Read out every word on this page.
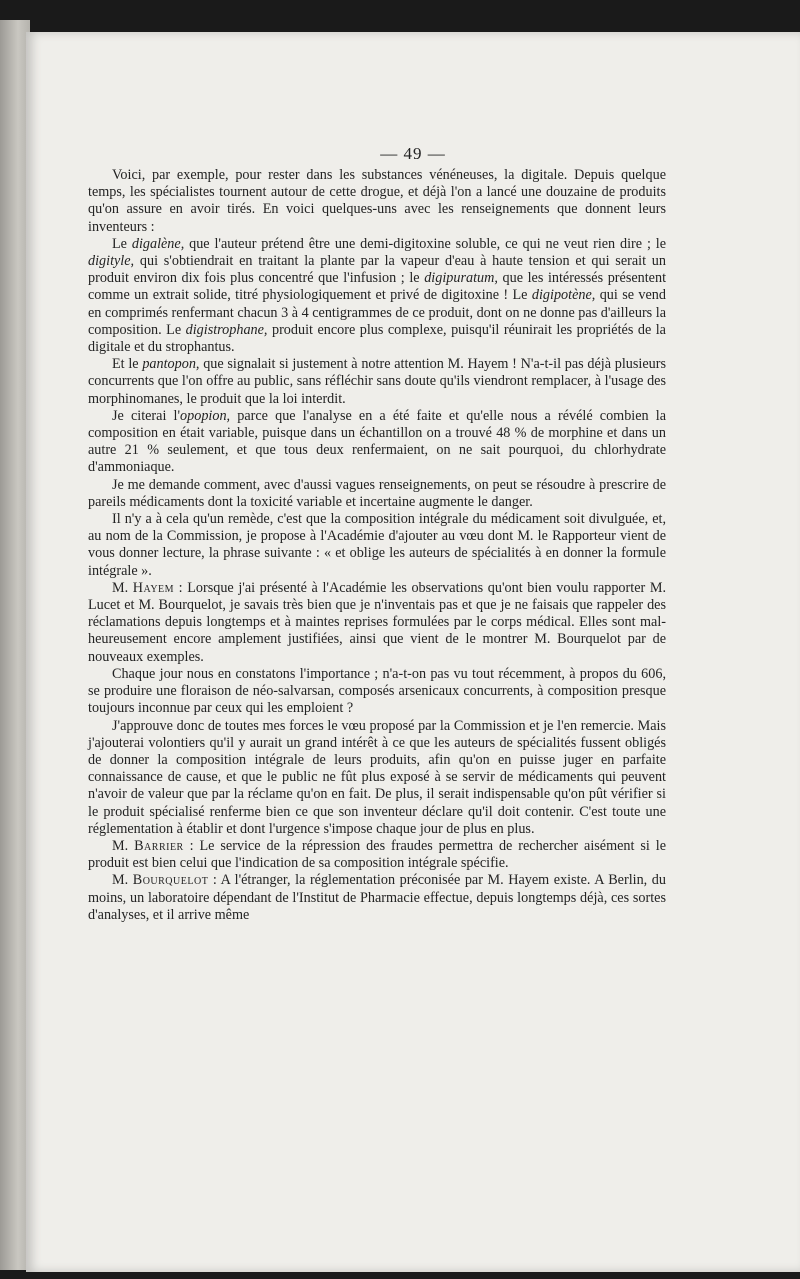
— 49 —

Voici, par exemple, pour rester dans les substances vénéneuses, la digitale. Depuis quelque temps, les spécialistes tournent autour de cette drogue, et déjà l'on a lancé une douzaine de produits qu'on assure en avoir tirés. En voici quelques-uns avec les renseignements que donnent leurs inventeurs :

Le digalène, que l'auteur prétend être une demi-digitoxine soluble, ce qui ne veut rien dire ; le digityle, qui s'obtiendrait en traitant la plante par la vapeur d'eau à haute tension et qui serait un produit environ dix fois plus concentré que l'infusion ; le digipuratum, que les intéressés présentent comme un extrait solide, titré physiologiquement et privé de digitoxine ! Le digipotène, qui se vend en comprimés renfermant chacun 3 à 4 centigrammes de ce produit, dont on ne donne pas d'ailleurs la composition. Le digistrophane, produit encore plus complexe, puisqu'il réunirait les propriétés de la digitale et du strophantus.

Et le pantopon, que signalait si justement à notre attention M. Hayem ! N'a-t-il pas déjà plusieurs concurrents que l'on offre au public, sans réfléchir sans doute qu'ils viendront remplacer, à l'usage des morphinomanes, le produit que la loi interdit.

Je citerai l'opopion, parce que l'analyse en a été faite et qu'elle nous a révélé combien la composition en était variable, puisque dans un échantillon on a trouvé 48 % de morphine et dans un autre 21 % seulement, et que tous deux renfermaient, on ne sait pourquoi, du chlorhydrate d'ammoniaque.

Je me demande comment, avec d'aussi vagues renseignements, on peut se résoudre à prescrire de pareils médicaments dont la toxicité variable et incertaine augmente le danger.

Il n'y a à cela qu'un remède, c'est que la composition intégrale du médicament soit divulguée, et, au nom de la Commission, je propose à l'Académie d'ajouter au vœu dont M. le Rapporteur vient de vous donner lecture, la phrase suivante : « et oblige les auteurs de spécialités à en donner la formule intégrale ».

M. Hayem : Lorsque j'ai présenté à l'Académie les observations qu'ont bien voulu rapporter M. Lucet et M. Bourquelot, je savais très bien que je n'inventais pas et que je ne faisais que rappeler des réclamations depuis longtemps et à maintes reprises formulées par le corps médical. Elles sont malheureusement encore amplement justifiées, ainsi que vient de le montrer M. Bourquelot par de nouveaux exemples.

Chaque jour nous en constatons l'importance ; n'a-t-on pas vu tout récemment, à propos du 606, se produire une floraison de néo-salvarsan, composés arsenicaux concurrents, à composition presque toujours inconnue par ceux qui les emploient ?

J'approuve donc de toutes mes forces le vœu proposé par la Commission et je l'en remercie. Mais j'ajouterai volontiers qu'il y aurait un grand intérêt à ce que les auteurs de spécialités fussent obligés de donner la composition intégrale de leurs produits, afin qu'on en puisse juger en parfaite connaissance de cause, et que le public ne fût plus exposé à se servir de médicaments qui peuvent n'avoir de valeur que par la réclame qu'on en fait. De plus, il serait indispensable qu'on pût vérifier si le produit spécialisé renferme bien ce que son inventeur déclare qu'il doit contenir. C'est toute une réglementation à établir et dont l'urgence s'impose chaque jour de plus en plus.

M. Barrier : Le service de la répression des fraudes permettra de rechercher aisément si le produit est bien celui que l'indication de sa composition intégrale spécifie.

M. Bourquelot : A l'étranger, la réglementation préconisée par M. Hayem existe. A Berlin, du moins, un laboratoire dépendant de l'Institut de Pharmacie effectue, depuis longtemps déjà, ces sortes d'analyses, et il arrive même
